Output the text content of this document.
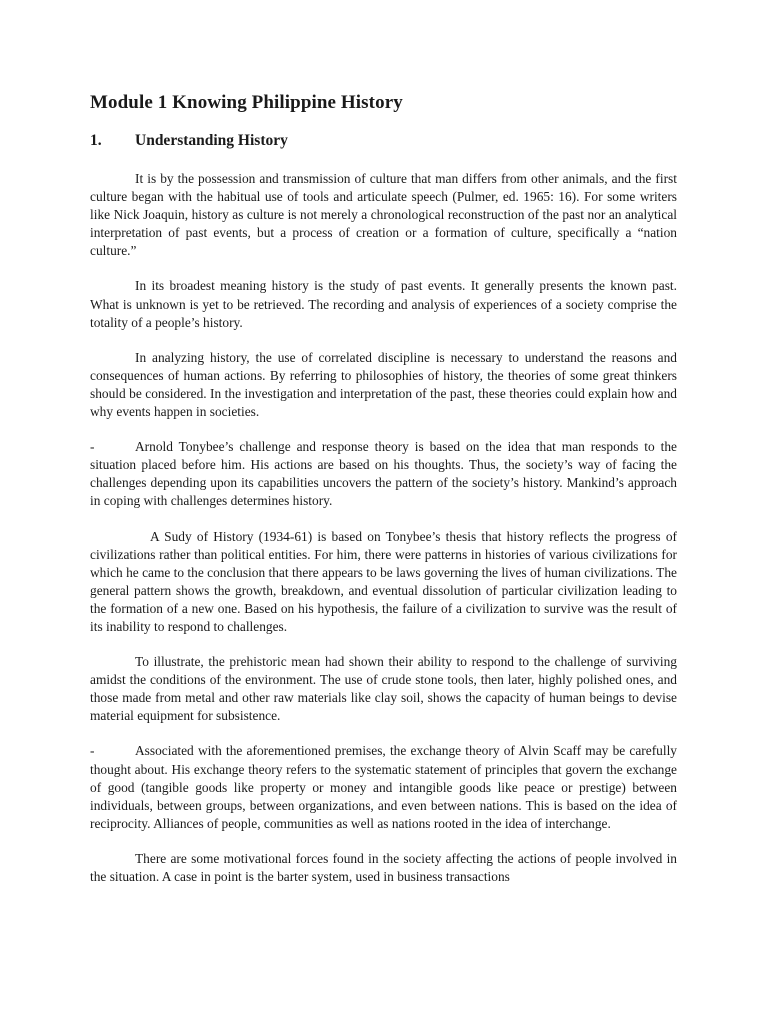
Module 1 Knowing Philippine History
1.	Understanding History

It is by the possession and transmission of culture that man differs from other animals, and the first culture began with the habitual use of tools and articulate speech (Pulmer, ed. 1965: 16). For some writers like Nick Joaquin, history as culture is not merely a chronological reconstruction of the past nor an analytical interpretation of past events, but a process of creation or a formation of culture, specifically a “nation culture.”

In its broadest meaning history is the study of past events. It generally presents the known past. What is unknown is yet to be retrieved. The recording and analysis of experiences of a society comprise the totality of a people’s history.

In analyzing history, the use of correlated discipline is necessary to understand the reasons and consequences of human actions. By referring to philosophies of history, the theories of some great thinkers should be considered. In the investigation and interpretation of the past, these theories could explain how and why events happen in societies.

-	Arnold Tonybee’s challenge and response theory is based on the idea that man responds to the situation placed before him. His actions are based on his thoughts. Thus, the society’s way of facing the challenges depending upon its capabilities uncovers the pattern of the society’s history. Mankind’s approach in coping with challenges determines history.

A Sudy of History (1934-61) is based on Tonybee’s thesis that history reflects the progress of civilizations rather than political entities. For him, there were patterns in histories of various civilizations for which he came to the conclusion that there appears to be laws governing the lives of human civilizations. The general pattern shows the growth, breakdown, and eventual dissolution of particular civilization leading to the formation of a new one. Based on his hypothesis, the failure of a civilization to survive was the result of its inability to respond to challenges.

To illustrate, the prehistoric mean had shown their ability to respond to the challenge of surviving amidst the conditions of the environment. The use of crude stone tools, then later, highly polished ones, and those made from metal and other raw materials like clay soil, shows the capacity of human beings to devise material equipment for subsistence.

-	Associated with the aforementioned premises, the exchange theory of Alvin Scaff may be carefully thought about. His exchange theory refers to the systematic statement of principles that govern the exchange of good (tangible goods like property or money and intangible goods like peace or prestige) between individuals, between groups, between organizations, and even between nations. This is based on the idea of reciprocity. Alliances of people, communities as well as nations rooted in the idea of interchange.

There are some motivational forces found in the society affecting the actions of people involved in the situation. A case in point is the barter system, used in business transactions
